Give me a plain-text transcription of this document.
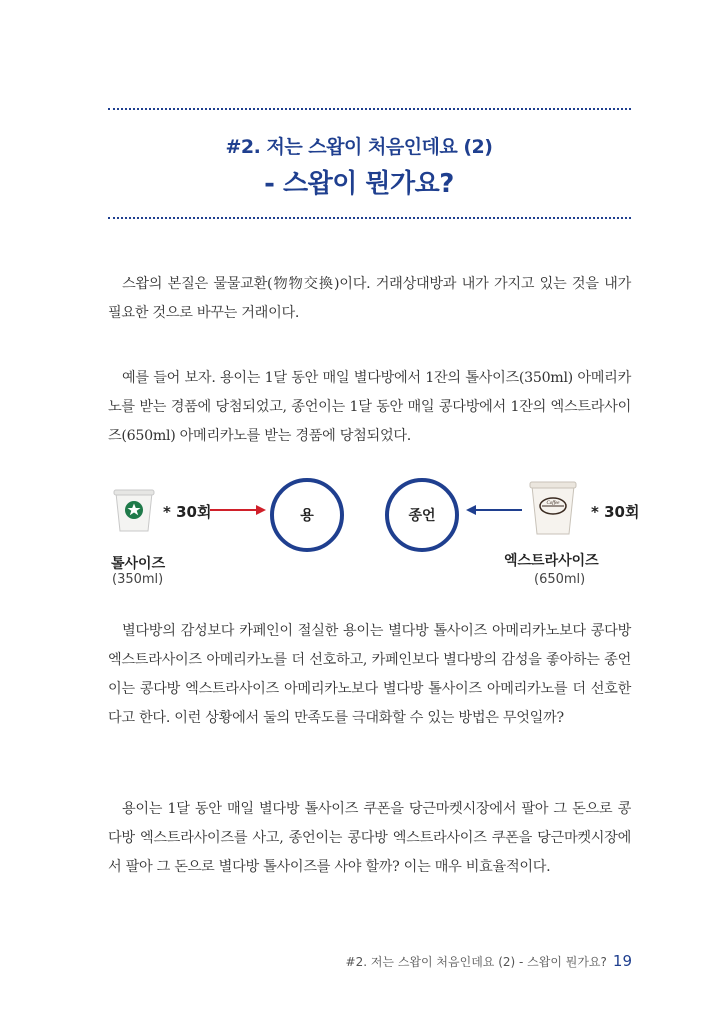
#2. 저는 스왑이 처음인데요 (2)
- 스왑이 뭔가요?

스왑의 본질은 물물교환(物物交換)이다. 거래상대방과 내가 가지고 있는 것을 내가 필요한 것으로 바꾸는 거래이다.

예를 들어 보자. 용이는 1달 동안 매일 별다방에서 1잔의 톨사이즈(350ml) 아메리카노를 받는 경품에 당첨되었고, 종언이는 1달 동안 매일 콩다방에서 1잔의 엑스트라사이즈(650ml) 아메리카노를 받는 경품에 당첨되었다.

* 30회	용	종언
Coffee * 30회
톨사이즈
(350ml)
엑스트라사이즈
(650ml)

별다방의 감성보다 카페인이 절실한 용이는 별다방 톨사이즈 아메리카노보다 콩다방 엑스트라사이즈 아메리카노를 더 선호하고, 카페인보다 별다방의 감성을 좋아하는 종언이는 콩다방 엑스트라사이즈 아메리카노보다 별다방 톨사이즈 아메리카노를 더 선호한다고 한다. 이런 상황에서 둘의 만족도를 극대화할 수 있는 방법은 무엇일까?

용이는 1달 동안 매일 별다방 톨사이즈 쿠폰을 당근마켓시장에서 팔아 그 돈으로 콩다방 엑스트라사이즈를 사고, 종언이는 콩다방 엑스트라사이즈 쿠폰을 당근마켓시장에서 팔아 그 돈으로 별다방 톨사이즈를 사야 할까? 이는 매우 비효율적이다.

#2. 저는 스왑이 처음인데요 (2) - 스왑이 뭔가요? 19
